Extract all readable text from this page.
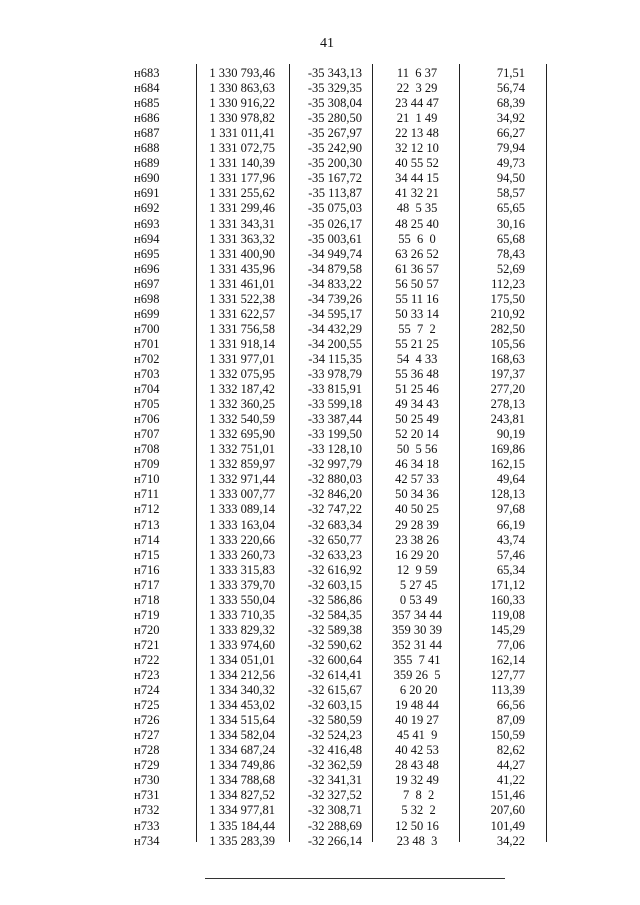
41
н683	1 330 793,46	-35 343,13	11  6 37	71,51
н684	1 330 863,63	-35 329,35	22  3 29	56,74
н685	1 330 916,22	-35 308,04	23 44 47	68,39
н686	1 330 978,82	-35 280,50	21  1 49	34,92
н687	1 331 011,41	-35 267,97	22 13 48	66,27
н688	1 331 072,75	-35 242,90	32 12 10	79,94
н689	1 331 140,39	-35 200,30	40 55 52	49,73
н690	1 331 177,96	-35 167,72	34 44 15	94,50
н691	1 331 255,62	-35 113,87	41 32 21	58,57
н692	1 331 299,46	-35 075,03	48  5 35	65,65
н693	1 331 343,31	-35 026,17	48 25 40	30,16
н694	1 331 363,32	-35 003,61	55  6  0	65,68
н695	1 331 400,90	-34 949,74	63 26 52	78,43
н696	1 331 435,96	-34 879,58	61 36 57	52,69
н697	1 331 461,01	-34 833,22	56 50 57	112,23
н698	1 331 522,38	-34 739,26	55 11 16	175,50
н699	1 331 622,57	-34 595,17	50 33 14	210,92
н700	1 331 756,58	-34 432,29	55  7  2	282,50
н701	1 331 918,14	-34 200,55	55 21 25	105,56
н702	1 331 977,01	-34 115,35	54  4 33	168,63
н703	1 332 075,95	-33 978,79	55 36 48	197,37
н704	1 332 187,42	-33 815,91	51 25 46	277,20
н705	1 332 360,25	-33 599,18	49 34 43	278,13
н706	1 332 540,59	-33 387,44	50 25 49	243,81
н707	1 332 695,90	-33 199,50	52 20 14	90,19
н708	1 332 751,01	-33 128,10	50  5 56	169,86
н709	1 332 859,97	-32 997,79	46 34 18	162,15
н710	1 332 971,44	-32 880,03	42 57 33	49,64
н711	1 333 007,77	-32 846,20	50 34 36	128,13
н712	1 333 089,14	-32 747,22	40 50 25	97,68
н713	1 333 163,04	-32 683,34	29 28 39	66,19
н714	1 333 220,66	-32 650,77	23 38 26	43,74
н715	1 333 260,73	-32 633,23	16 29 20	57,46
н716	1 333 315,83	-32 616,92	12  9 59	65,34
н717	1 333 379,70	-32 603,15	5 27 45	171,12
н718	1 333 550,04	-32 586,86	0 53 49	160,33
н719	1 333 710,35	-32 584,35	357 34 44	119,08
н720	1 333 829,32	-32 589,38	359 30 39	145,29
н721	1 333 974,60	-32 590,62	352 31 44	77,06
н722	1 334 051,01	-32 600,64	355  7 41	162,14
н723	1 334 212,56	-32 614,41	359 26  5	127,77
н724	1 334 340,32	-32 615,67	6 20 20	113,39
н725	1 334 453,02	-32 603,15	19 48 44	66,56
н726	1 334 515,64	-32 580,59	40 19 27	87,09
н727	1 334 582,04	-32 524,23	45 41  9	150,59
н728	1 334 687,24	-32 416,48	40 42 53	82,62
н729	1 334 749,86	-32 362,59	28 43 48	44,27
н730	1 334 788,68	-32 341,31	19 32 49	41,22
н731	1 334 827,52	-32 327,52	7  8  2	151,46
н732	1 334 977,81	-32 308,71	5 32  2	207,60
н733	1 335 184,44	-32 288,69	12 50 16	101,49
н734	1 335 283,39	-32 266,14	23 48  3	34,22
